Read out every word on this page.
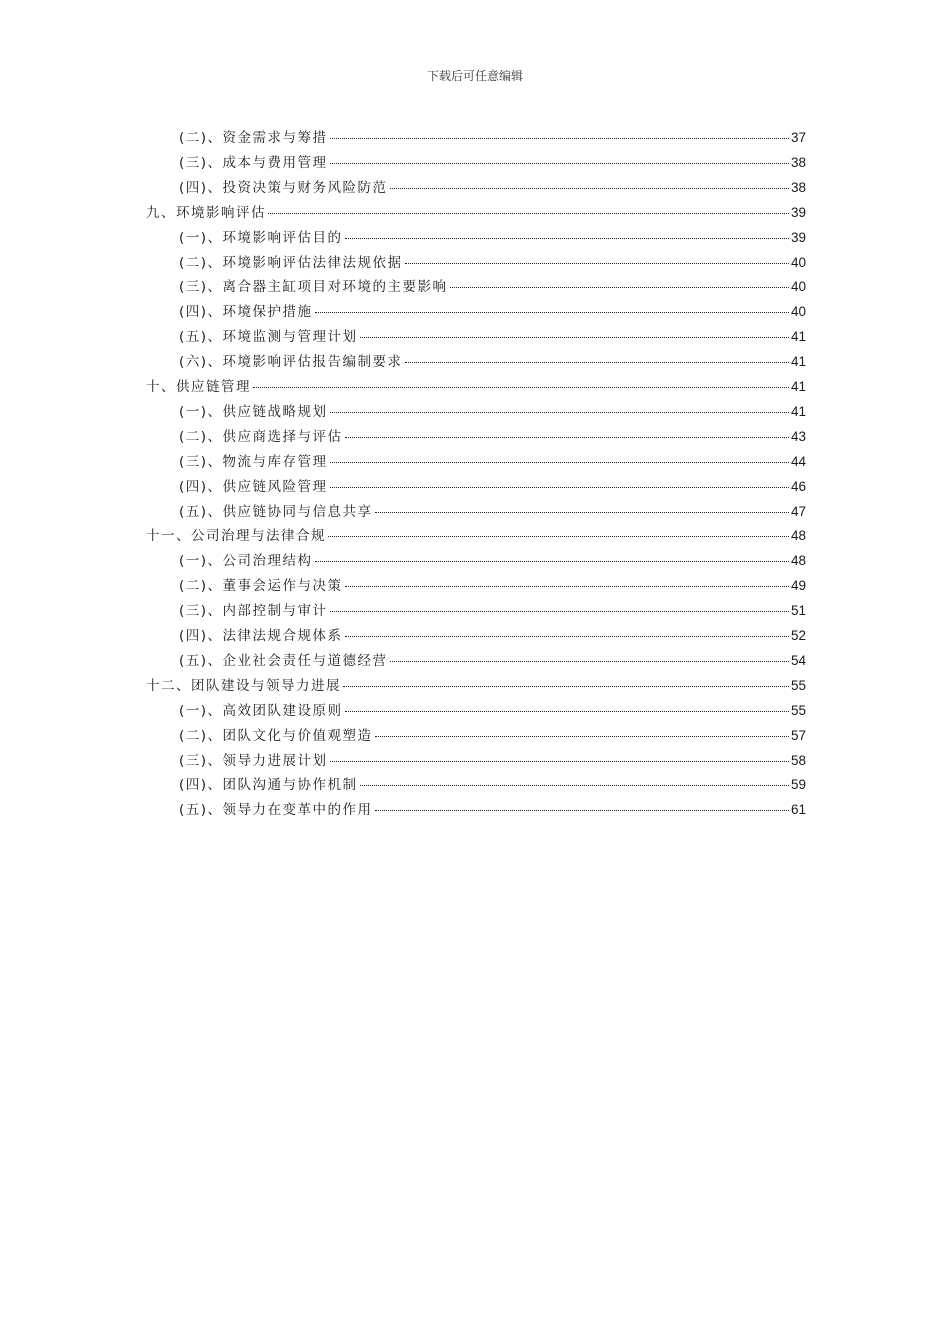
下载后可任意编辑
(二)、资金需求与筹措	37
(三)、成本与费用管理	38
(四)、投资决策与财务风险防范	38
九、环境影响评估	39
(一)、环境影响评估目的	39
(二)、环境影响评估法律法规依据	40
(三)、离合器主缸项目对环境的主要影响	40
(四)、环境保护措施	40
(五)、环境监测与管理计划	41
(六)、环境影响评估报告编制要求	41
十、供应链管理	41
(一)、供应链战略规划	41
(二)、供应商选择与评估	43
(三)、物流与库存管理	44
(四)、供应链风险管理	46
(五)、供应链协同与信息共享	47
十一、公司治理与法律合规	48
(一)、公司治理结构	48
(二)、董事会运作与决策	49
(三)、内部控制与审计	51
(四)、法律法规合规体系	52
(五)、企业社会责任与道德经营	54
十二、团队建设与领导力进展	55
(一)、高效团队建设原则	55
(二)、团队文化与价值观塑造	57
(三)、领导力进展计划	58
(四)、团队沟通与协作机制	59
(五)、领导力在变革中的作用	61
